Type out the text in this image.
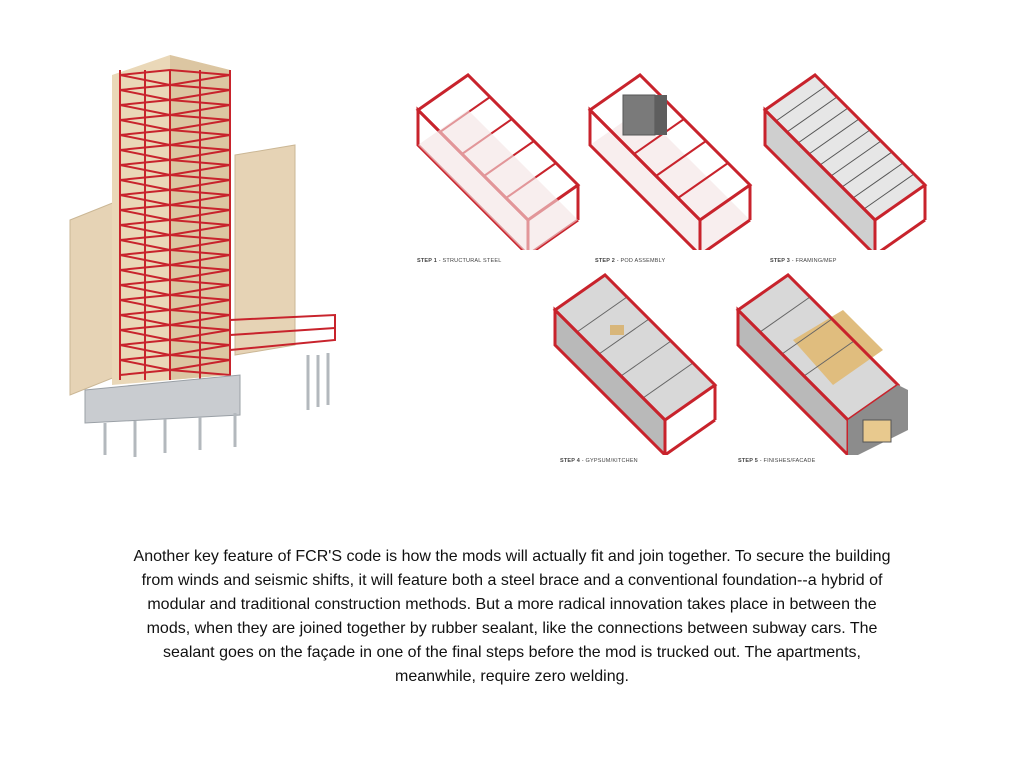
STEP 1 - STRUCTURAL STEEL	STEP 2 - POD ASSEMBLY	STEP 3 - FRAMING/MEP
STEP 4 - GYPSUM/KITCHEN	STEP 5 - FINISHES/FACADE
Another key feature of FCR'S code is how the mods will actually fit and join together. To secure the building from winds and seismic shifts, it will feature both a steel brace and a conventional foundation--a hybrid of modular and traditional construction methods. But a more radical innovation takes place in between the mods, when they are joined together by rubber sealant, like the connections between subway cars. The sealant goes on the façade in one of the final steps before the mod is trucked out. The apartments, meanwhile, require zero welding.
